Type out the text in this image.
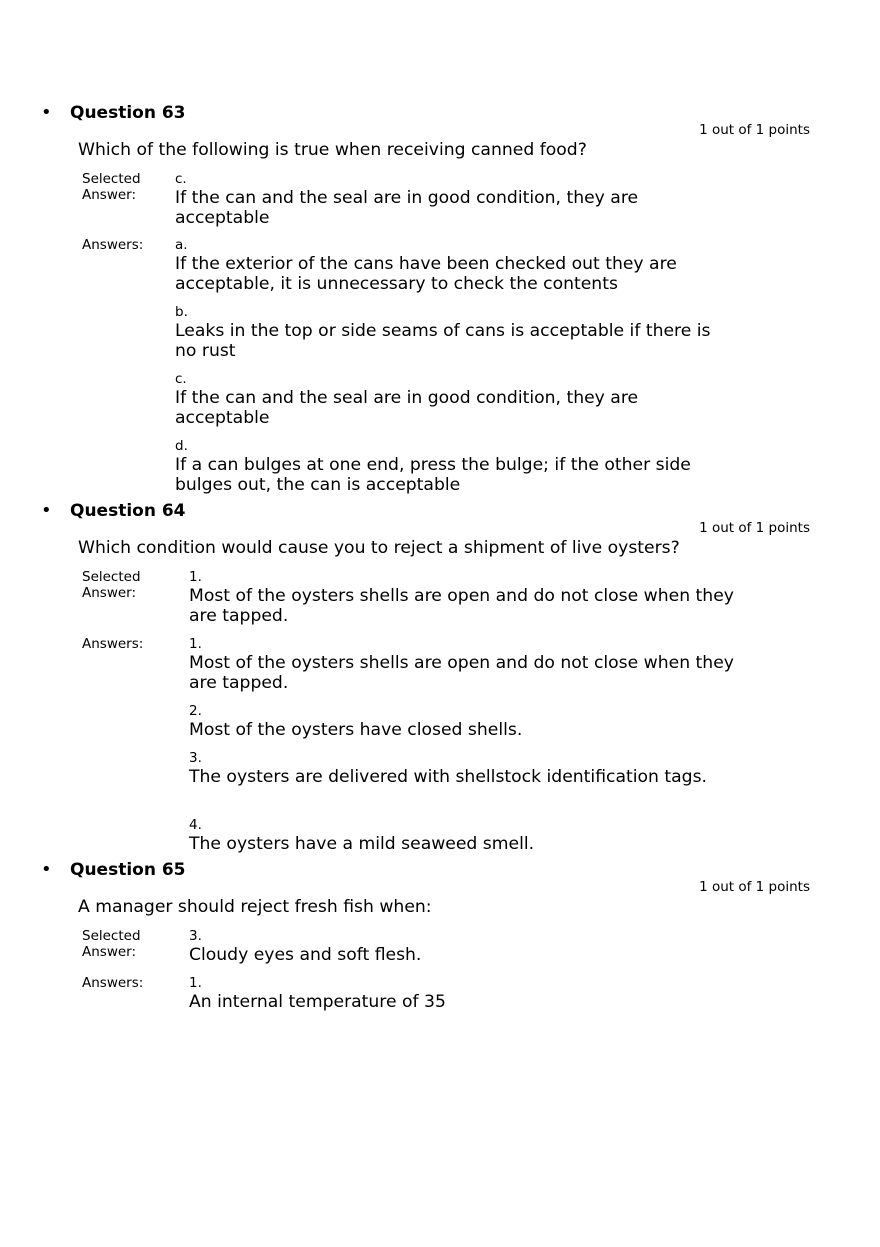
• Question 63
1 out of 1 points
Which of the following is true when receiving canned food?
Selected Answer:
c.
If the can and the seal are in good condition, they are acceptable
Answers:	a.
If the exterior of the cans have been checked out they are acceptable, it is unnecessary to check the contents
b.
Leaks in the top or side seams of cans is acceptable if there is no rust
c.
If the can and the seal are in good condition, they are acceptable
d.
If a can bulges at one end, press the bulge; if the other side bulges out, the can is acceptable
• Question 64
1 out of 1 points
Which condition would cause you to reject a shipment of live oysters?
Selected Answer:
1.
Most of the oysters shells are open and do not close when they are tapped.
Answers:	1.
Most of the oysters shells are open and do not close when they are tapped.
2.
Most of the oysters have closed shells.
3.
The oysters are delivered with shellstock identification tags.
4.
The oysters have a mild seaweed smell.
• Question 65
1 out of 1 points
A manager should reject fresh fish when:
Selected Answer:
3.
Cloudy eyes and soft flesh.
Answers:	1.
An internal temperature of 35
